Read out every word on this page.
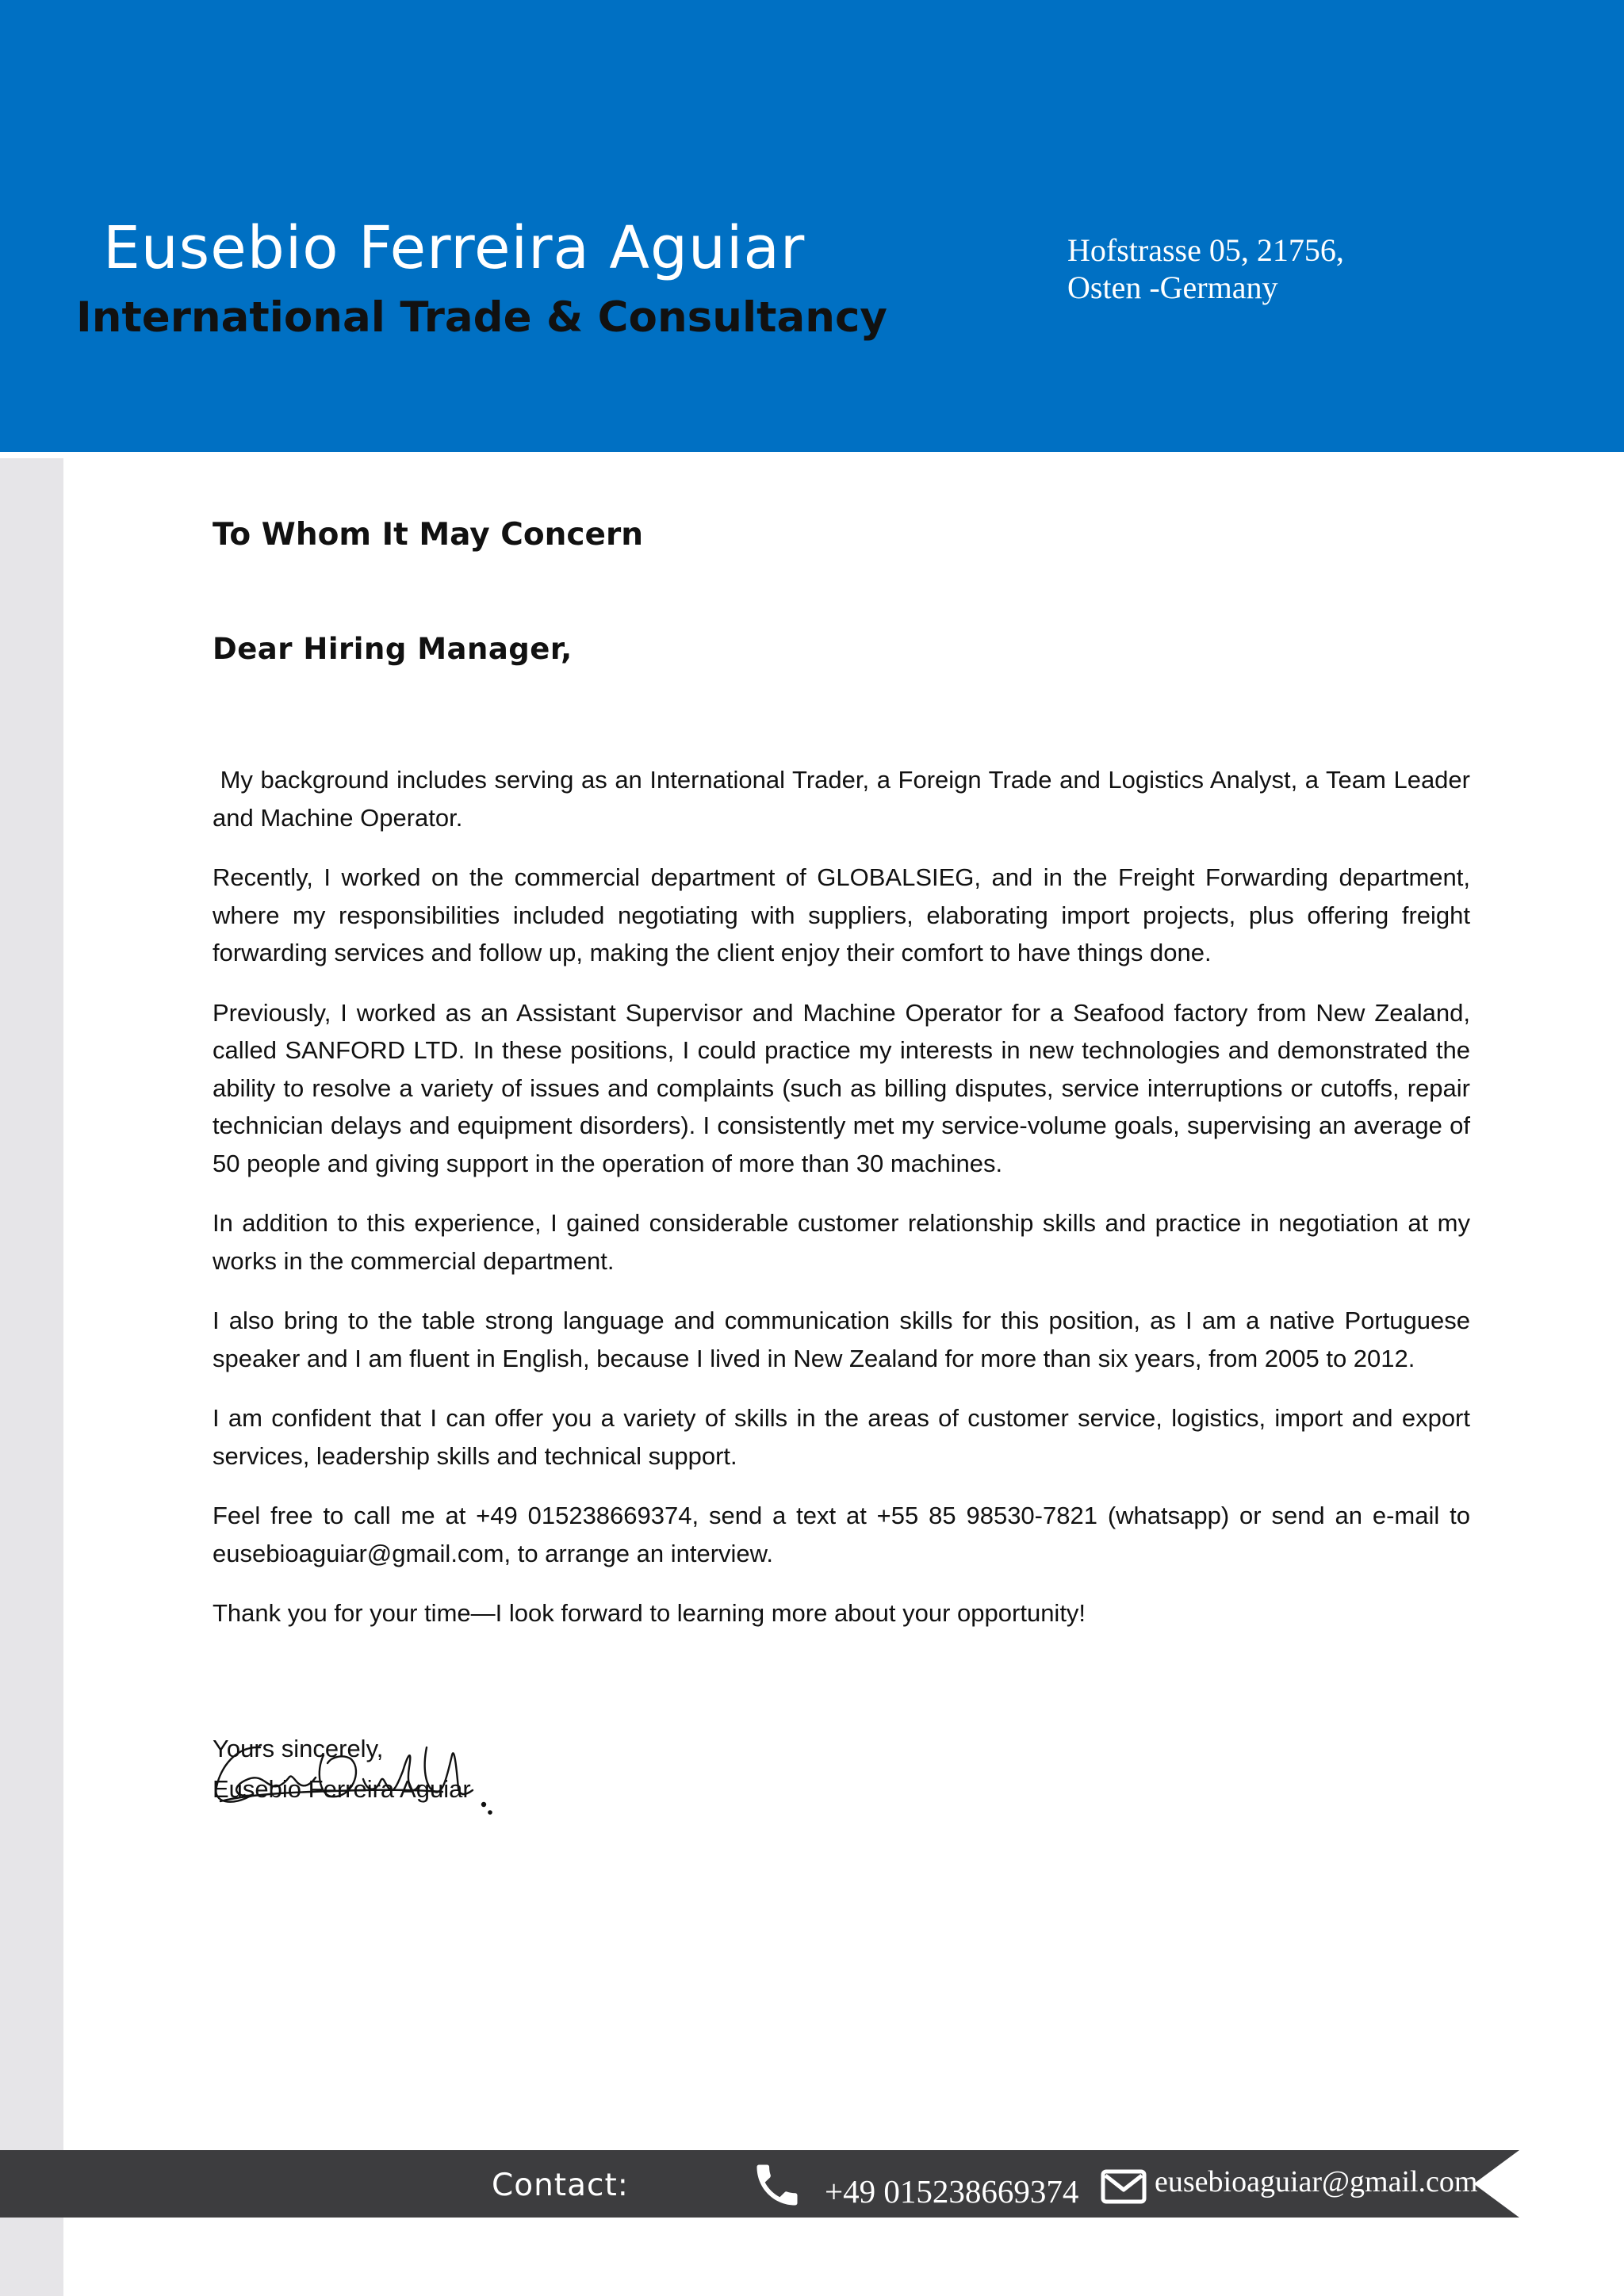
Eusebio Ferreira Aguiar
International Trade & Consultancy
Hofstrasse 05, 21756,
Osten -Germany
To Whom It May Concern
Dear Hiring Manager,

My background includes serving as an International Trader, a Foreign Trade and Logistics Analyst, a Team Leader and Machine Operator.

Recently, I worked on the commercial department of GLOBALSIEG, and in the Freight Forwarding department, where my responsibilities included negotiating with suppliers, elaborating import projects, plus offering freight forwarding services and follow up, making the client enjoy their comfort to have things done.

Previously, I worked as an Assistant Supervisor and Machine Operator for a Seafood factory from New Zealand, called SANFORD LTD. In these positions, I could practice my interests in new technologies and demonstrated the ability to resolve a variety of issues and complaints (such as billing disputes, service interruptions or cutoffs, repair technician delays and equipment disorders). I consistently met my service-volume goals, supervising an average of 50 people and giving support in the operation of more than 30 machines.

In addition to this experience, I gained considerable customer relationship skills and practice in negotiation at my works in the commercial department.

I also bring to the table strong language and communication skills for this position, as I am a native Portuguese speaker and I am fluent in English, because I lived in New Zealand for more than six years, from 2005 to 2012.

I am confident that I can offer you a variety of skills in the areas of customer service, logistics, import and export services, leadership skills and technical support.

Feel free to call me at +49 015238669374, send a text at +55 85 98530-7821 (whatsapp) or send an e-mail to eusebioaguiar@gmail.com, to arrange an interview.

Thank you for your time—I look forward to learning more about your opportunity!

Yours sincerely,
Eusebio Ferreira Aguiar
Contact:	+49 015238669374	eusebioaguiar@gmail.com
